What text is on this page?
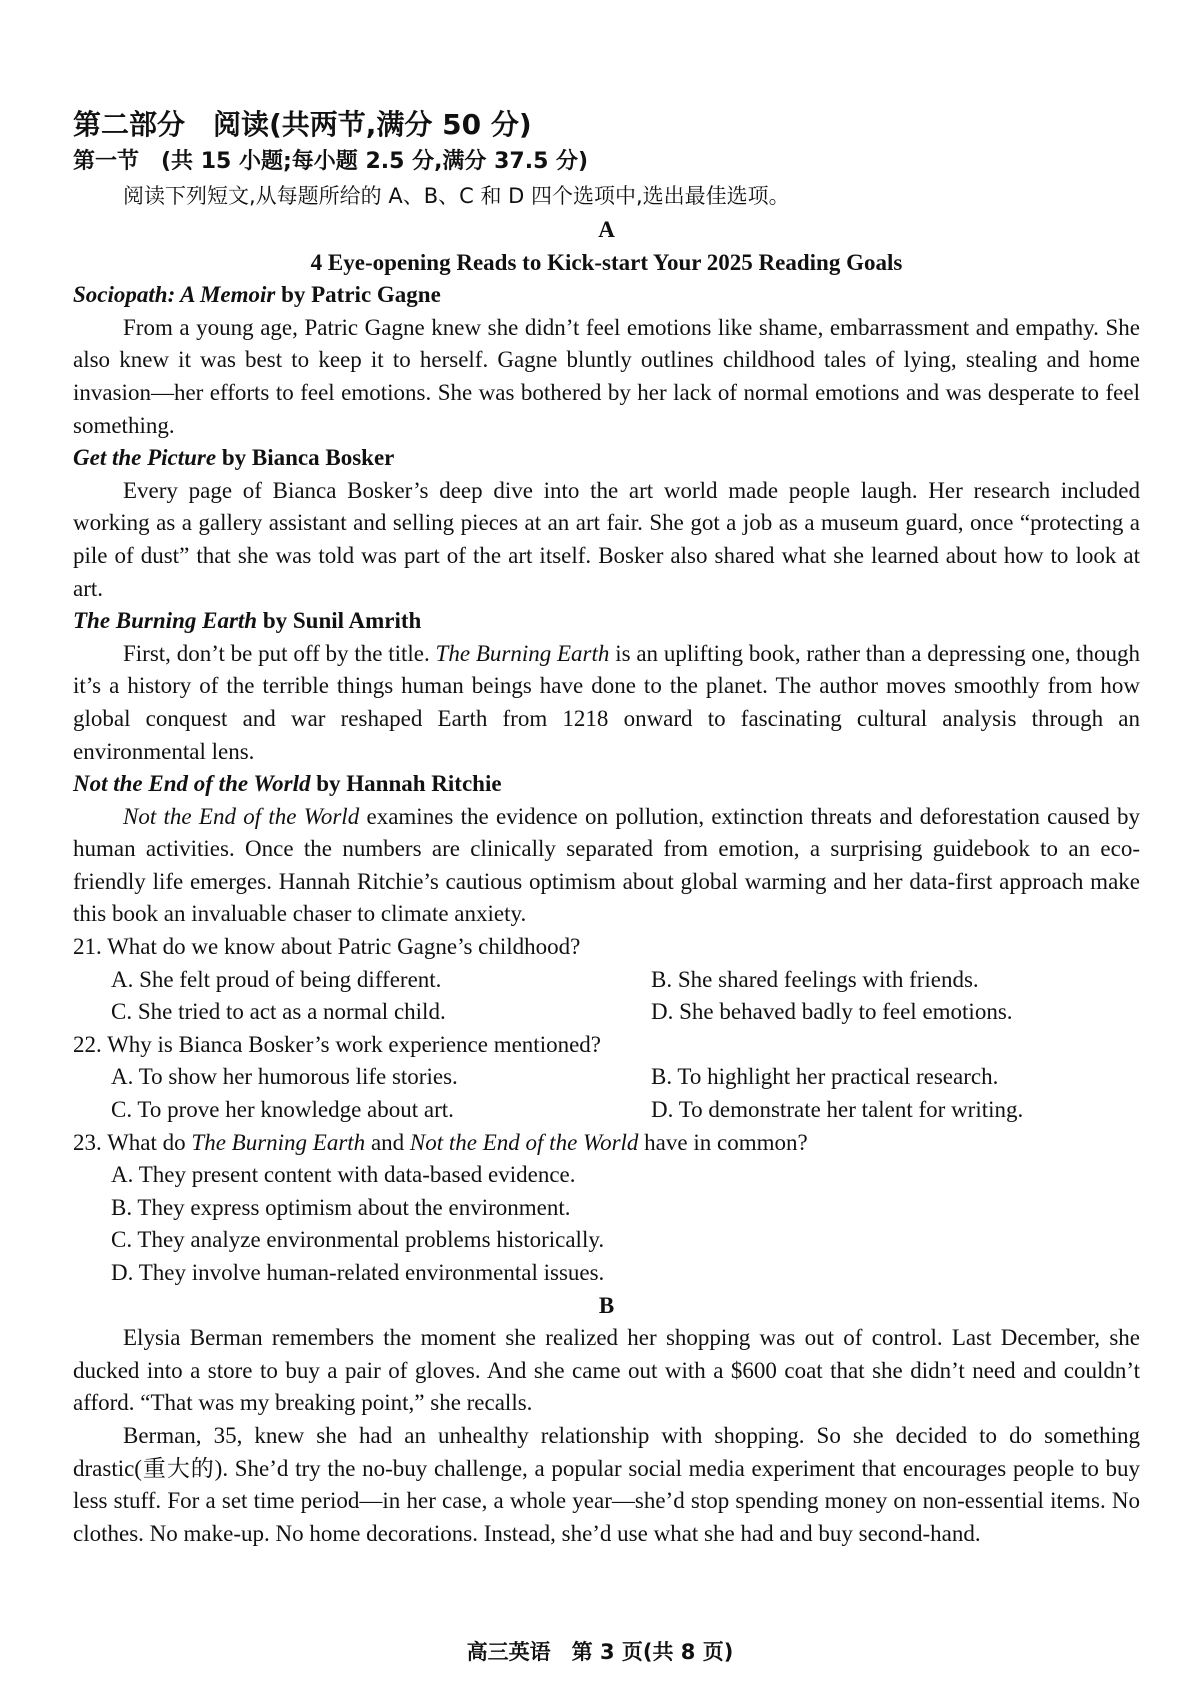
第二部分　阅读(共两节,满分 50 分)
第一节　(共 15 小题;每小题 2.5 分,满分 37.5 分)
阅读下列短文,从每题所给的 A、B、C 和 D 四个选项中,选出最佳选项。
A
4 Eye-opening Reads to Kick-start Your 2025 Reading Goals
Sociopath: A Memoir by Patric Gagne
From a young age, Patric Gagne knew she didn’t feel emotions like shame, embarrassment and empathy. She also knew it was best to keep it to herself. Gagne bluntly outlines childhood tales of lying, stealing and home invasion—her efforts to feel emotions. She was bothered by her lack of normal emotions and was desperate to feel something.
Get the Picture by Bianca Bosker
Every page of Bianca Bosker’s deep dive into the art world made people laugh. Her research included working as a gallery assistant and selling pieces at an art fair. She got a job as a museum guard, once “protecting a pile of dust” that she was told was part of the art itself. Bosker also shared what she learned about how to look at art.
The Burning Earth by Sunil Amrith
First, don’t be put off by the title. The Burning Earth is an uplifting book, rather than a depressing one, though it’s a history of the terrible things human beings have done to the planet. The author moves smoothly from how global conquest and war reshaped Earth from 1218 onward to fascinating cultural analysis through an environmental lens.
Not the End of the World by Hannah Ritchie
Not the End of the World examines the evidence on pollution, extinction threats and deforestation caused by human activities. Once the numbers are clinically separated from emotion, a surprising guidebook to an eco-friendly life emerges. Hannah Ritchie’s cautious optimism about global warming and her data-first approach make this book an invaluable chaser to climate anxiety.
21. What do we know about Patric Gagne’s childhood?
A. She felt proud of being different.	B. She shared feelings with friends.
C. She tried to act as a normal child.	D. She behaved badly to feel emotions.
22. Why is Bianca Bosker’s work experience mentioned?
A. To show her humorous life stories.	B. To highlight her practical research.
C. To prove her knowledge about art.	D. To demonstrate her talent for writing.
23. What do The Burning Earth and Not the End of the World have in common?
A. They present content with data-based evidence.
B. They express optimism about the environment.
C. They analyze environmental problems historically.
D. They involve human-related environmental issues.
B
Elysia Berman remembers the moment she realized her shopping was out of control. Last December, she ducked into a store to buy a pair of gloves. And she came out with a $600 coat that she didn’t need and couldn’t afford. “That was my breaking point,” she recalls.
Berman, 35, knew she had an unhealthy relationship with shopping. So she decided to do something drastic(重大的). She’d try the no-buy challenge, a popular social media experiment that encourages people to buy less stuff. For a set time period—in her case, a whole year—she’d stop spending money on non-essential items. No clothes. No make-up. No home decorations. Instead, she’d use what she had and buy second-hand.
高三英语　第 3 页(共 8 页)
